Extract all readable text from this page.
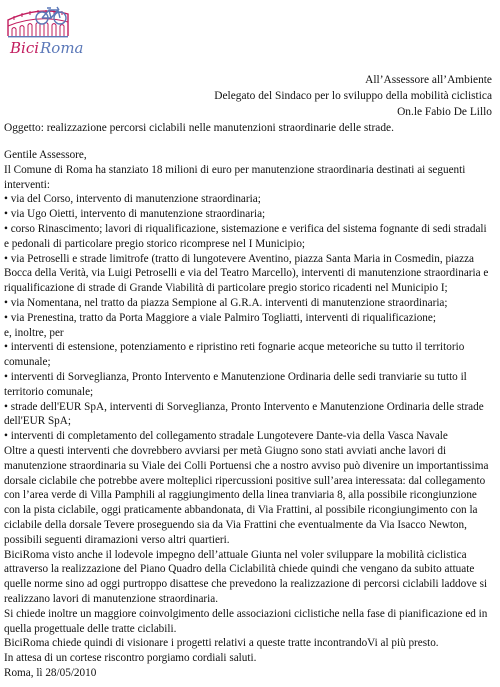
Bici Roma
All’Assessore all’Ambiente
Delegato del Sindaco per lo sviluppo della mobilità ciclistica
On.le Fabio De Lillo
Oggetto: realizzazione percorsi ciclabili nelle manutenzioni straordinarie delle strade.

Gentile Assessore,

Il Comune di Roma ha stanziato 18 milioni di euro per manutenzione straordinaria destinati ai seguenti interventi:

• via del Corso, intervento di manutenzione straordinaria;

• via Ugo Oietti, intervento di manutenzione straordinaria;

• corso Rinascimento; lavori di riqualificazione, sistemazione e verifica del sistema fognante di sedi stradali e pedonali di particolare pregio storico ricomprese nel I Municipio;

• via Petroselli e strade limitrofe (tratto di lungotevere Aventino, piazza Santa Maria in Cosmedin, piazza Bocca della Verità, via Luigi Petroselli e via del Teatro Marcello), interventi di manutenzione straordinaria e riqualificazione di strade di Grande Viabilità di particolare pregio storico ricadenti nel Municipio I;

• via Nomentana, nel tratto da piazza Sempione al G.R.A. interventi di manutenzione straordinaria;

• via Prenestina, tratto da Porta Maggiore a viale Palmiro Togliatti, interventi di riqualificazione;

e, inoltre, per

• interventi di estensione, potenziamento e ripristino reti fognarie acque meteoriche su tutto il territorio comunale;

• interventi di Sorveglianza, Pronto Intervento e Manutenzione Ordinaria delle sedi tranviarie su tutto il territorio comunale;

• strade dell'EUR SpA, interventi di Sorveglianza, Pronto Intervento e Manutenzione Ordinaria delle strade dell'EUR SpA;

• interventi di completamento del collegamento stradale Lungotevere Dante-via della Vasca Navale

Oltre a questi interventi che dovrebbero avviarsi per metà Giugno sono stati avviati anche lavori di manutenzione straordinaria su Viale dei Colli Portuensi che a nostro avviso può divenire un importantissima dorsale ciclabile che potrebbe avere molteplici ripercussioni positive sull’area interessata: dal collegamento con l’area verde di Villa Pamphili al raggiungimento della linea tranviaria 8, alla possibile ricongiunzione con la pista ciclabile, oggi praticamente abbandonata, di Via Frattini, al possibile ricongiungimento con la ciclabile della dorsale Tevere proseguendo sia da Via Frattini che eventualmente da Via Isacco Newton, possibili seguenti diramazioni verso altri quartieri.

BiciRoma visto anche il lodevole impegno dell’attuale Giunta nel voler sviluppare la mobilità ciclistica attraverso la realizzazione del Piano Quadro della Ciclabilità chiede quindi che vengano da subito attuate quelle norme sino ad oggi purtroppo disattese che prevedono la realizzazione di percorsi ciclabili laddove si realizzano lavori di manutenzione straordinaria.

Si chiede inoltre un maggiore coinvolgimento delle associazioni ciclistiche nella fase di pianificazione ed in quella progettuale delle tratte ciclabili.

BiciRoma chiede quindi di visionare i progetti relativi a queste tratte incontrandoVi al più presto.

In attesa di un cortese riscontro porgiamo cordiali saluti.

Roma, lì 28/05/2010
